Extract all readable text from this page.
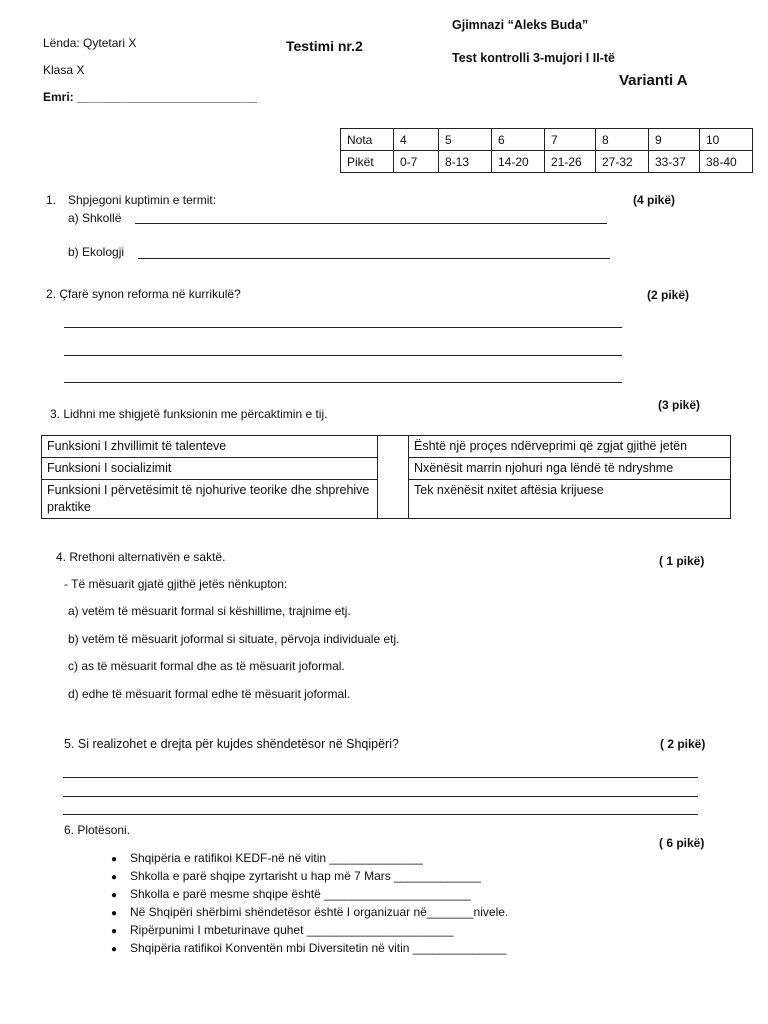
Lënda: Qytetari X
Klasa X
Emri: ___________________________
Testimi nr.2
Gjimnazi “Aleks Buda”
Test kontrolli 3-mujori I II-të
Varianti A
Nota	4	5	6	7	8	9	10
Pikët	0-7	8-13	14-20	21-26	27-32	33-37	38-40
1. Shpjegoni kuptimin e termit:	(4 pikë)
a) Shkollë
b) Ekologji
2. Çfarë synon reforma në kurrikulë?	(2 pikë)
(3 pikë)
3. Lidhni me shigjetë funksionin me përcaktimin e tij.
Funksioni I zhvillimit të talenteve		Është një proçes ndërveprimi që zgjat gjithë jetën
Funksioni I socializimit		Nxënësit marrin njohuri nga lëndë të ndryshme
Funksioni I përvetësimit të njohurive teorike dhe shprehive praktike		Tek nxënësit nxitet aftësia krijuese
4. Rrethoni alternativën e saktë.	( 1 pikë)
- Të mësuarit gjatë gjithë jetës nënkupton:
a) vetëm të mësuarit formal si këshillime, trajnime etj.
b) vetëm të mësuarit joformal si situate, përvoja individuale etj.
c) as të mësuarit formal dhe as të mësuarit joformal.
d) edhe të mësuarit formal edhe të mësuarit joformal.
5. Si realizohet e drejta për kujdes shëndetësor në Shqipëri?	( 2 pikë)
6. Plotësoni.
( 6 pikë)
● Shqipëria e ratifikoi KEDF-në në vitin ______________
● Shkolla e parë shqipe zyrtarisht u hap më 7 Mars _____________
● Shkolla e parë mesme shqipe është ______________________
● Në Shqipëri shërbimi shëndetësor është I organizuar në_______nivele.
● Ripërpunimi I mbeturinave quhet ______________________
● Shqipëria ratifikoi Konventën mbi Diversitetin në vitin ______________
